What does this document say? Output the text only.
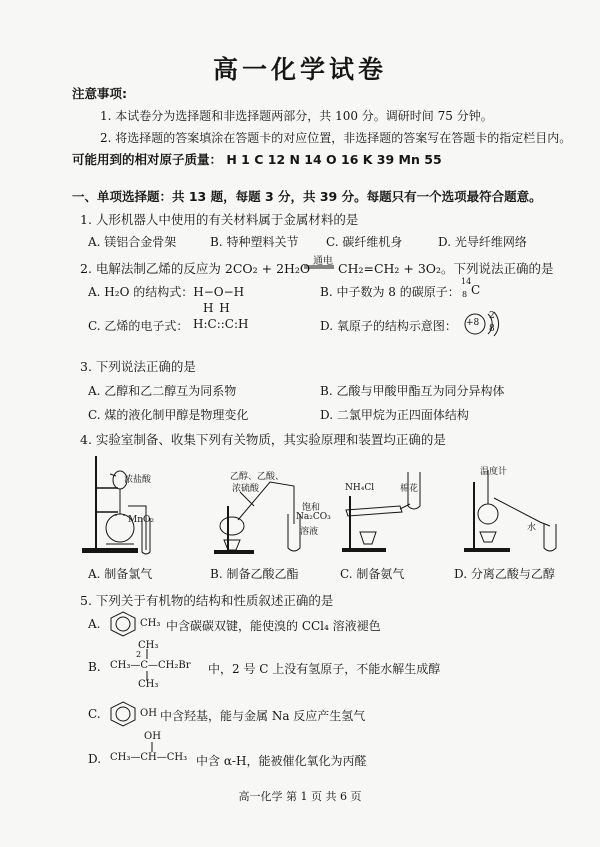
高一化学试卷
注意事项:
1. 本试卷分为选择题和非选择题两部分，共 100 分。调研时间 75 分钟。
2. 将选择题的答案填涂在答题卡的对应位置，非选择题的答案写在答题卡的指定栏目内。
可能用到的相对原子质量： H 1 C 12 N 14 O 16 K 39 Mn 55
一、单项选择题：共 13 题，每题 3 分，共 39 分。每题只有一个选项最符合题意。
1. 人形机器人中使用的有关材料属于金属材料的是
A. 镁铝合金骨架	B. 特种塑料关节 C. 碳纤维机身	D. 光导纤维网络
2. 电解法制乙烯的反应为 2CO₂ + 2H₂O 通电 CH₂=CH₂ + 3O₂。下列说法正确的是
A. H₂O 的结构式：H−O−H	B. 中子数为 8 的碳原子：
14
8 C
C. 乙烯的电子式：
H H
H:C::C:H	D. 氧原子的结构示意图： +8
2
8
3. 下列说法正确的是
A. 乙醇和乙二醇互为同系物	B. 乙酸与甲酸甲酯互为同分异构体
C. 煤的液化制甲醇是物理变化	D. 二氯甲烷为正四面体结构
4. 实验室制备、收集下列有关物质，其实验原理和装置均正确的是
浓盐酸
MnO₂
乙醇、乙酸、
浓硫酸
饱和
Na₂CO₃
溶液
NH₄Cl	棉花
温度计
水
A. 制备氯气	B. 制备乙酸乙酯	C. 制备氨气	D. 分离乙酸与乙醇
5. 下列关于有机物的结构和性质叙述正确的是
A.	CH₃ 中含碳碳双键，能使溴的 CCl₄ 溶液褪色
B.
CH₃
2
CH₃—C—CH₂Br
CH₃
中，2 号 C 上没有氢原子，不能水解生成醇
C.	OH 中含羟基，能与金属 Na 反应产生氢气
D.
OH
CH₃—CH—CH₃ 中含 α-H，能被催化氧化为丙醛
高一化学 第 1 页 共 6 页
